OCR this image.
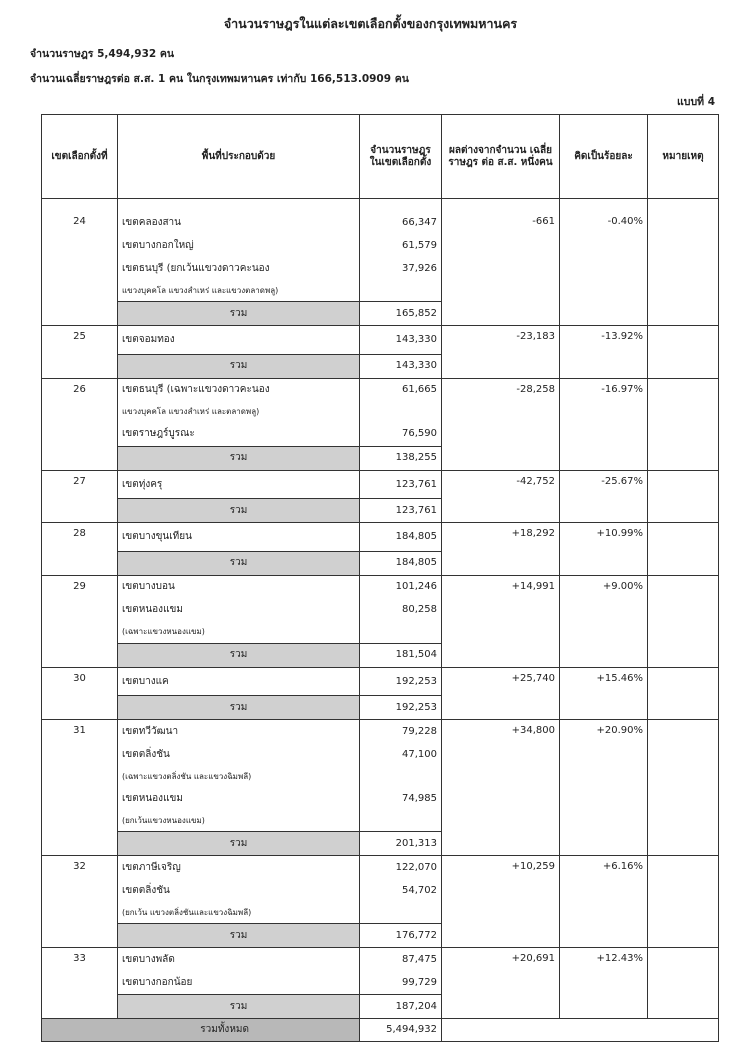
จำนวนราษฎรในแต่ละเขตเลือกตั้งของกรุงเทพมหานคร
จำนวนราษฎร 5,494,932 คน
จำนวนเฉลี่ยราษฎรต่อ ส.ส. 1 คน ในกรุงเทพมหานคร เท่ากับ 166,513.0909 คน
แบบที่ 4
เขตเลือกตั้งที่	พื้นที่ประกอบด้วย	จำนวนราษฎร ในเขตเลือกตั้ง	ผลต่างจากจำนวน เฉลี่ยราษฎร ต่อ ส.ส. หนึ่งคน	คิดเป็นร้อยละ	หมายเหตุ

24	เขตคลองสาน	66,347	-661	-0.40%	
	เขตบางกอกใหญ่	61,579			
	เขตธนบุรี (ยกเว้นแขวงดาวคะนอง	37,926			
	แขวงบุคคโล แขวงสำเหร่ และแขวงตลาดพลู)				
	รวม	165,852			
25	เขตจอมทอง	143,330	-23,183	-13.92%	
	รวม	143,330			
26	เขตธนบุรี (เฉพาะแขวงดาวคะนอง	61,665	-28,258	-16.97%	
	แขวงบุคคโล แขวงสำเหร่ และตลาดพลู)				
	เขตราษฎร์บูรณะ	76,590			
	รวม	138,255			
27	เขตทุ่งครุ	123,761	-42,752	-25.67%	
	รวม	123,761			
28	เขตบางขุนเทียน	184,805	+18,292	+10.99%	
	รวม	184,805			
29	เขตบางบอน	101,246	+14,991	+9.00%	
	เขตหนองแขม	80,258			
	(เฉพาะแขวงหนองแขม)				
	รวม	181,504			
30	เขตบางแค	192,253	+25,740	+15.46%	
	รวม	192,253			
31	เขตทวีวัฒนา	79,228	+34,800	+20.90%	
	เขตตลิ่งชัน	47,100			
	(เฉพาะแขวงตลิ่งชัน และแขวงฉิมพลี)				
	เขตหนองแขม	74,985			
	(ยกเว้นแขวงหนองแขม)				
	รวม	201,313			
32	เขตภาษีเจริญ	122,070	+10,259	+6.16%	
	เขตตลิ่งชัน	54,702			
	(ยกเว้น แขวงตลิ่งชันและแขวงฉิมพลี)				
	รวม	176,772			
33	เขตบางพลัด	87,475	+20,691	+12.43%	
	เขตบางกอกน้อย	99,729			
	รวม	187,204			
รวมทั้งหมด		5,494,932			
